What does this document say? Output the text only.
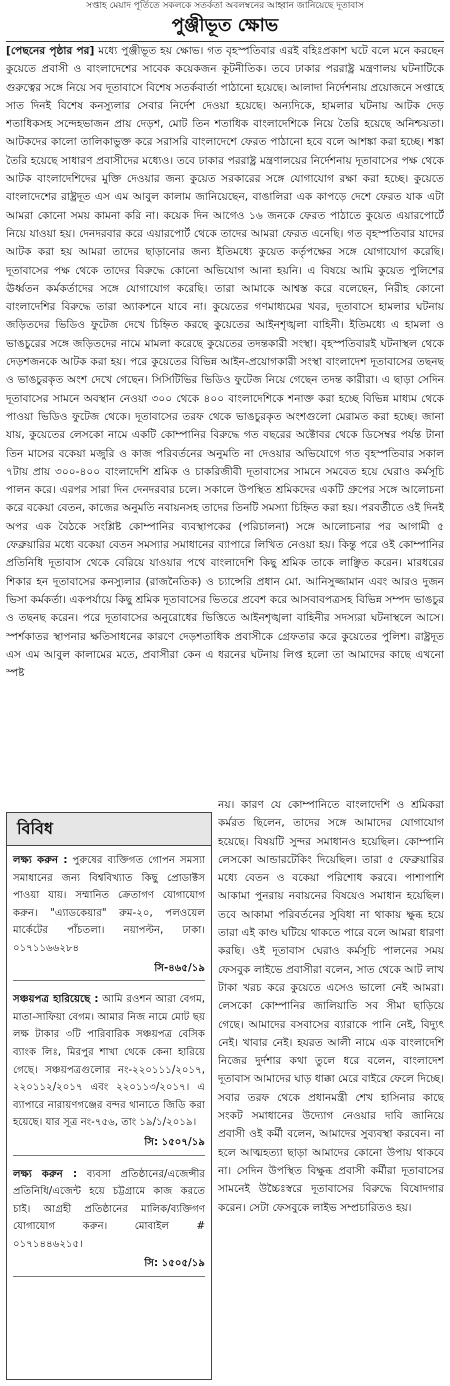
সপ্তাহ মেয়াদ পূর্তিতে সকলকে সতর্কতা অবলম্বনের আহ্বান জানিয়েছে দূতাবাস
পুঞ্জীভূত ক্ষোভ

[পেছনের পৃষ্ঠার পর] মধ্যে পুঞ্জীভূত হয় ক্ষোভ। গত বৃহস্পতিবার এরই বহিঃপ্রকাশ ঘটে বলে মনে করছেন কুয়েতে প্রবাসী ও বাংলাদেশের সাবেক কয়েকজন কূটনীতিক। তবে ঢাকার পররাষ্ট্র মন্ত্রণালয় ঘটনাটিকে গুরুত্বের সঙ্গে নিয়ে সব দূতাবাসে বিশেষ সতর্কবার্তা পাঠানো হয়েছে। আলাদা নির্দেশনায় প্রয়োজনে সপ্তাহে সাত দিনই বিশেষ কনস্যুলার সেবার নির্দেশ দেওয়া হয়েছে। অন্যদিকে, হামলার ঘটনায় আটক দেড় শতাধিকসহ সন্দেহভাজন প্রায় দেড়শ, মোট তিন শতাধিক বাংলাদেশিকে নিয়ে তৈরি হয়েছে অনিশ্চয়তা। আটকদের কালো তালিকাভুক্ত করে সরাসরি বাংলাদেশে ফেরত পাঠানো হবে বলে আশঙ্কা করা হচ্ছে। শঙ্কা তৈরি হয়েছে সাধারণ প্রবাসীদের মধ্যেও। তবে ঢাকার পররাষ্ট্র মন্ত্রণালয়ের নির্দেশনায় দূতাবাসের পক্ষ থেকে আটক বাংলাদেশিদের মুক্তি দেওয়ার জন্য কুয়েত সরকারের সঙ্গে যোগাযোগ রক্ষা করা হচ্ছে। কুয়েতে বাংলাদেশের রাষ্ট্রদূত এস এম আবুল কালাম জানিয়েছেন, বাঙালিরা এক কাপড়ে দেশে ফেরত যাক এটা আমরা কোনো সময় কামনা করি না। কয়েক দিন আগেও ১৬ জনকে ফেরত পাঠাতে কুয়েত এয়ারপোর্টে নিয়ে যাওয়া হয়। দেনদরবার করে এয়ারপোর্ট থেকে তাদের আমরা ফেরত এনেছি। গত বৃহস্পতিবার যাদের আটক করা হয় আমরা তাদের ছাড়ানোর জন্য ইতিমধ্যে কুয়েত কর্তৃপক্ষের সঙ্গে যোগাযোগ করেছি। দূতাবাসের পক্ষ থেকে তাদের বিরুদ্ধে কোনো অভিযোগ আনা হয়নি। এ বিষয়ে আমি কুয়েত পুলিশের ঊর্ধ্বতন কর্মকর্তাদের সঙ্গে যোগাযোগ করেছি। তারা আমাকে আশ্বস্ত করে বলেছেন, নিরীহ কোনো বাংলাদেশির বিরুদ্ধে তারা অ্যাকশনে যাবে না। কুয়েতের গণমাধ্যমের খবর, দূতাবাসে হামলার ঘটনায় জড়িতদের ভিডিও ফুটেজ দেখে চিহ্নিত করছে কুয়েতের আইনশৃঙ্খলা বাহিনী। ইতিমধ্যে এ হামলা ও ভাঙচুরের সঙ্গে জড়িতদের নামে মামলা করেছে কুয়েতের তদন্তকারী সংস্থা। বৃহস্পতিবারই ঘটনাস্থল থেকে দেড়শজনকে আটক করা হয়। পরে কুয়েতের বিভিন্ন আইন-প্রয়োগকারী সংস্থা বাংলাদেশ দূতাবাসের তছনছ ও ভাঙচুরকৃত অংশ দেখে গেছেন। সিসিটিভির ভিডিও ফুটেজ নিয়ে গেছেন তদন্ত কারীরা। এ ছাড়া সেদিন দূতাবাসের সামনে অবস্থান নেওয়া ৩০০ থেকে ৪০০ বাংলাদেশিকে শনাক্ত করা হচ্ছে বিভিন্ন মাধ্যম থেকে পাওয়া ভিডিও ফুটেজ থেকে। দূতাবাসের তরফ থেকে ভাঙচুরকৃত অংশগুলো মেরামত করা হচ্ছে। জানা যায়, কুয়েতের লেসকো নামে একটি কোম্পানির বিরুদ্ধে গত বছরের অক্টোবর থেকে ডিসেম্বর পর্যন্ত টানা তিন মাসের বকেয়া মজুরি ও কাজ পরিবর্তনের অনুমতি না দেওয়ার অভিযোগে গত বৃহস্পতিবার সকাল ৭টায় প্রায় ৩০০-৪০০ বাংলাদেশি শ্রমিক ও চাকরিজীবী দূতাবাসের সামনে সমবেত হয়ে ঘেরাও কর্মসূচি পালন করে। এরপর সারা দিন দেনদরবার চলে। সকালে উপস্থিত শ্রমিকদের একটি গ্রুপের সঙ্গে আলোচনা করে বকেয়া বেতন, কাজের অনুমতি নবায়নসহ তাদের তিনটি সমস্যা চিহ্নিত করা হয়। পরবর্তীতে ওই দিনই অপর এক বৈঠকে সংশ্লিষ্ট কোম্পানির ব্যবস্থাপকের (পরিচালনা) সঙ্গে আলোচনার পর আগামী ৫ ফেব্রুয়ারির মধ্যে বকেয়া বেতন সমস্যার সমাধানের ব্যাপারে লিখিত নেওয়া হয়। কিন্তু পরে ওই কোম্পানির প্রতিনিধি দূতাবাস থেকে বেরিয়ে যাওয়ার পথে বাংলাদেশি কিছু শ্রমিক তাকে লাঞ্ছিত করেন। মারধরের শিকার হন দূতাবাসের কনস্যুলার (রাজনৈতিক) ও চ্যান্সেরি প্রধান মো. আনিসুজ্জামান এবং আরও দুজন ভিসা কর্মকর্তা। একপর্যায়ে কিছু শ্রমিক দূতাবাসের ভিতরে প্রবেশ করে আসবাবপত্রসহ বিভিন্ন সম্পদ ভাঙচুর ও তছনছ করেন। পরে দূতাবাসের অনুরোধের ভিত্তিতে আইনশৃঙ্খলা বাহিনীর সদস্যরা ঘটনাস্থলে আসে। স্পর্শকাতর স্থাপনার ক্ষতিসাধনের কারণে দেড়শতাধিক প্রবাসীকে গ্রেফতার করে কুয়েতের পুলিশ। রাষ্ট্রদূত এস এম আবুল কালামের মতে, প্রবাসীরা কেন এ ধরনের ঘটনায় লিপ্ত হলো তা আমাদের কাছে এখনো স্পষ্ট

বিবিধ
লক্ষ্য করুন : পুরুষের ব্যক্তিগত গোপন সমস্যা সমাধানের জন্য বিশ্ববিখ্যাত কিছু প্রোডাক্টস পাওয়া যায়। সম্মানিত ক্রেতাগণ যোগাযোগ করুন। "এ্যাডকেয়ার" রুম-২০, পলওয়েল মার্কেটের পাঁচতলা। নয়াপল্টন, ঢাকা। ০১৭১১৬৬২৮৪
সি-৪৬৫/১৯
সঞ্চয়পত্র হারিয়েছে : আমি রওশন আরা বেগম, মাতা-সাফিয়া বেগম। আমার নিজ নামে মোট ছয় লক্ষ টাকার ৩টি পারিবারিক সঞ্চয়পত্র বেসিক ব্যাংক লিঃ, মিরপুর শাখা থেকে কেনা হারিয়ে গেছে। সঞ্চয়পত্রগুলোর নং-২২০১১১/২০১৭, ২২০১১২/২০১৭ এবং ২২০১১৩/২০১৭। এ ব্যাপারে নারায়ণগঞ্জের বন্দর থানাতে জিডি করা হয়েছে। যার সূত্র নং-৭৫৬, তাং ১৯/১/২০১৯।
সি: ১৫০৭/১৯
লক্ষ্য করুন : ব্যবসা প্রতিষ্ঠানের/এজেন্সীর প্রতিনিধি/এজেন্ট হয়ে চট্টগ্রামে কাজ করতে চাই। আগ্রহী প্রতিষ্ঠানের মালিক/ব্যক্তিগণ যোগাযোগ করুন। মোবাইল # ০১৭১৪৪৬২১৫।
সি: ১৫০৫/১৯

নয়। কারণ যে কোম্পানিতে বাংলাদেশি ও শ্রমিকরা কর্মরত ছিলেন, তাদের সঙ্গে আমাদের যোগাযোগ হয়েছে। বিষয়টি সুন্দর সমাধানও হয়েছিল। কোম্পানি লেসকো আন্ডারটেকিং দিয়েছিল। তারা ৫ ফেব্রুয়ারির মধ্যে বেতন ও বকেয়া পরিশোধ করবে। পাশাপাশি আকামা পুনরায় নবায়নের বিষয়েও সমাধান হয়েছিল। তবে আকামা পরিবর্তনের সুবিধা না থাকায় ক্ষুব্ধ হয়ে তারা এই কাণ্ড ঘটিয়ে থাকতে পারে বলে আমরা ধারণা করছি। ওই দূতাবাস ঘেরাও কর্মসূচি পালনের সময় ফেসবুক লাইভে প্রবাসীরা বলেন, সাত থেকে আট লাখ টাকা খরচ করে কুয়েতে এসেও ভালো নেই আমরা। লেসকো কোম্পানির জালিয়াতি সব সীমা ছাড়িয়ে গেছে। আমাদের বসবাসের ব্যারাকে পানি নেই, বিদ্যুৎ নেই। খাবার নেই। হযরত আলী নামে এক বাংলাদেশি নিজের দুর্দশার কথা তুলে ধরে বলেন, বাংলাদেশ দূতাবাস আমাদের ঘাড় ধাক্কা মেরে বাইরে ফেলে দিচ্ছে। সবার তরফ থেকে প্রধানমন্ত্রী শেখ হাসিনার কাছে সংকট সমাধানের উদ্যোগ নেওয়ার দাবি জানিয়ে প্রবাসী ওই কর্মী বলেন, আমাদের সুব্যবস্থা করবেন। না হলে আত্মহত্যা ছাড়া আমাদের কোনো উপায় থাকবে না। সেদিন উপস্থিত বিক্ষুব্ধ প্রবাসী কর্মীরা দূতাবাসের সামনেই উচ্চৈঃস্বরে দূতাবাসের বিরুদ্ধে বিষোদগার করেন। সেটা ফেসবুকে লাইভ সম্প্রচারিতও হয়।
